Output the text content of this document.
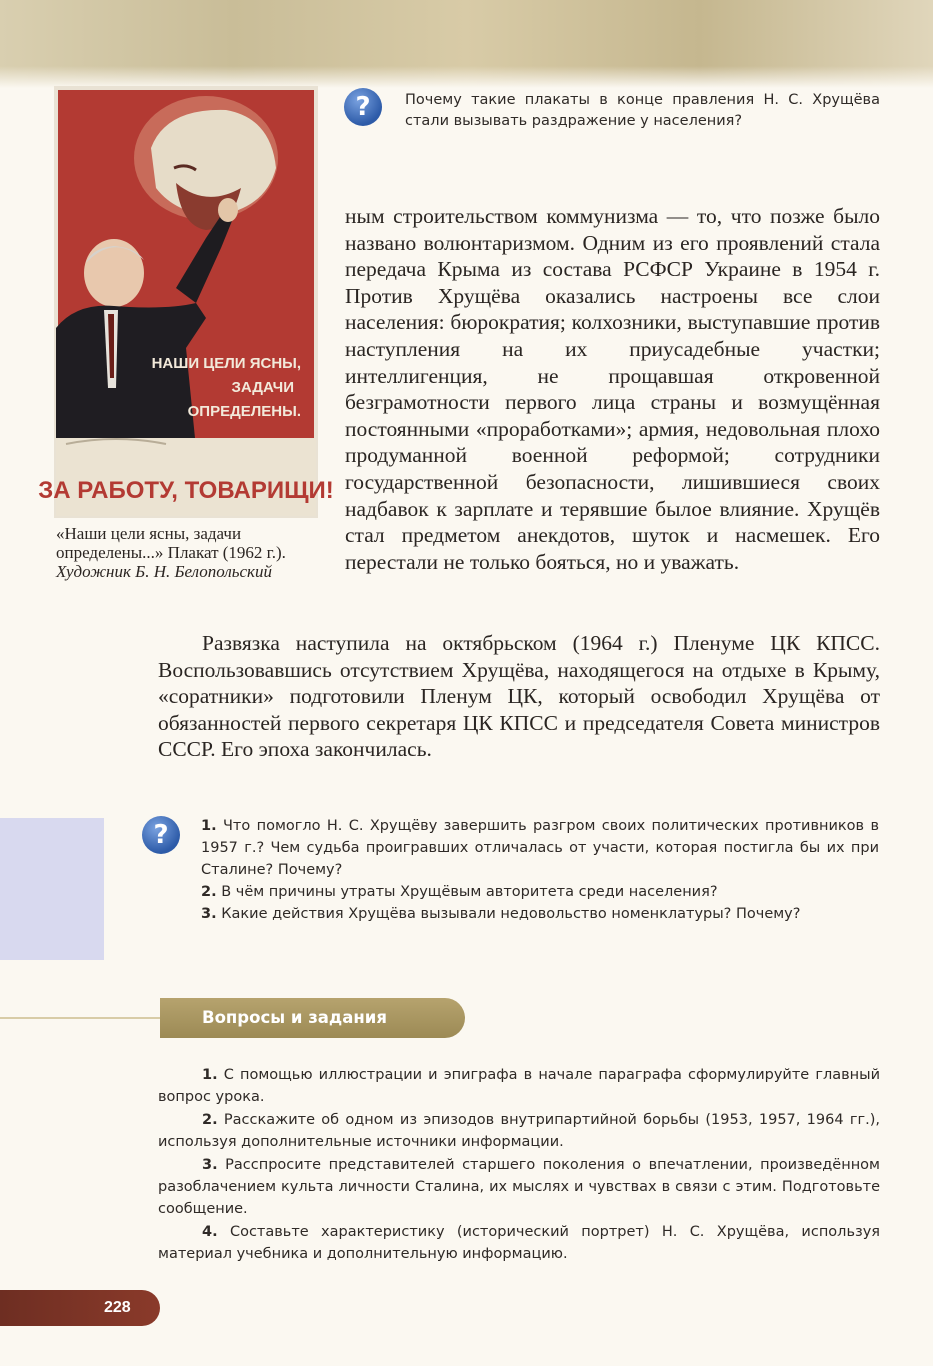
НАШИ ЦЕЛИ ЯСНЫ,
ЗАДАЧИ
ОПРЕДЕЛЕНЫ.
ЗА РАБОТУ, ТОВАРИЩИ!
«Наши цели ясны, задачи определены...» Плакат (1962 г.). Художник Б. Н. Белопольский
?	Почему такие плакаты в конце правления Н. С. Хрущёва стали вызывать раздражение у населения?

ным строительством коммунизма — то, что позже было названо волюнтаризмом. Одним из его проявлений стала передача Крыма из состава РСФСР Украине в 1954 г. Против Хрущёва оказались настроены все слои населения: бюрократия; колхозники, выступавшие против наступления на их приусадебные участки; интеллигенция, не прощавшая откровенной безграмотности первого лица страны и возмущённая постоянными «проработками»; армия, недовольная плохо продуманной военной реформой; сотрудники государственной безопасности, лишившиеся своих надбавок к зарплате и терявшие былое влияние. Хрущёв стал предметом анекдотов, шуток и насмешек. Его перестали не только бояться, но и уважать.

Развязка наступила на октябрьском (1964 г.) Пленуме ЦК КПСС. Воспользовавшись отсутствием Хрущёва, находящегося на отдыхе в Крыму, «соратники» подготовили Пленум ЦК, который освободил Хрущёва от обязанностей первого секретаря ЦК КПСС и председателя Совета министров СССР. Его эпоха закончилась.

?	1. Что помогло Н. С. Хрущёву завершить разгром своих политических противников в 1957 г.? Чем судьба проигравших отличалась от участи, которая постигла бы их при Сталине? Почему?

2. В чём причины утраты Хрущёвым авторитета среди населения?

3. Какие действия Хрущёва вызывали недовольство номенклатуры? Почему?

Вопросы и задания

1. С помощью иллюстрации и эпиграфа в начале параграфа сформулируйте главный вопрос урока.

2. Расскажите об одном из эпизодов внутрипартийной борьбы (1953, 1957, 1964 гг.), используя дополнительные источники информации.

3. Расспросите представителей старшего поколения о впечатлении, произведённом разоблачением культа личности Сталина, их мыслях и чувствах в связи с этим. Подготовьте сообщение.

4. Составьте характеристику (исторический портрет) Н. С. Хрущёва, используя материал учебника и дополнительную информацию.

228
